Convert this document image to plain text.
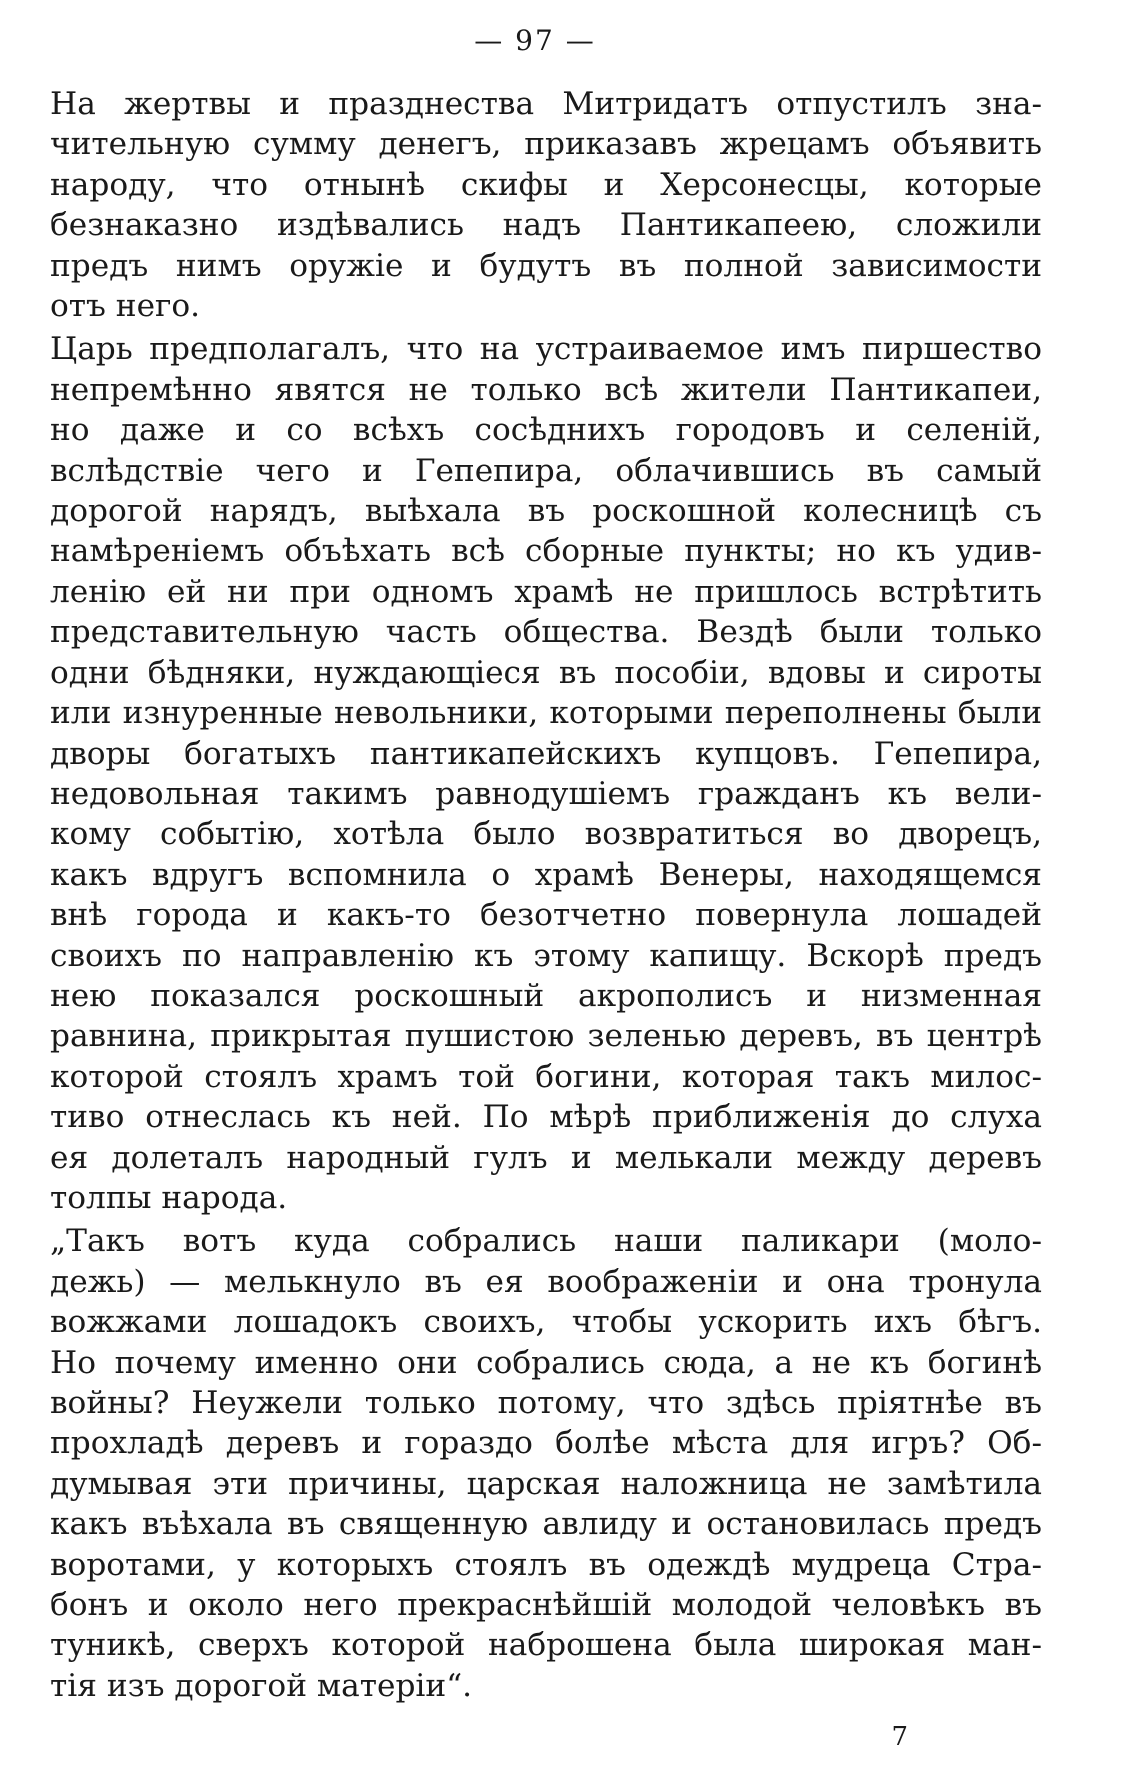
— 97 —
На жертвы и празднества Митридатъ отпустилъ зна-
чительную сумму денегъ, приказавъ жрецамъ объявить
народу, что отнынѣ скифы и Херсонесцы, которые
безнаказно издѣвались надъ Пантикапеею, сложили
предъ нимъ оружіе и будутъ въ полной зависимости
отъ него.
Царь предполагалъ, что на устраиваемое имъ пиршество
непремѣнно явятся не только всѣ жители Пантикапеи,
но даже и со всѣхъ сосѣднихъ городовъ и селеній,
вслѣдствіе чего и Гепепира, облачившись въ самый
дорогой нарядъ, выѣхала въ роскошной колесницѣ съ
намѣреніемъ объѣхать всѣ сборные пункты; но къ удив-
ленію ей ни при одномъ храмѣ не пришлось встрѣтить
представительную часть общества. Вездѣ были только
одни бѣдняки, нуждающіеся въ пособіи, вдовы и сироты
или изнуренные невольники, которыми переполнены были
дворы богатыхъ пантикапейскихъ купцовъ. Гепепира,
недовольная такимъ равнодушіемъ гражданъ къ вели-
кому событію, хотѣла было возвратиться во дворецъ,
какъ вдругъ вспомнила о храмѣ Венеры, находящемся
внѣ города и какъ-то безотчетно повернула лошадей
своихъ по направленію къ этому капищу. Вскорѣ предъ
нею показался роскошный акрополисъ и низменная
равнина, прикрытая пушистою зеленью деревъ, въ центрѣ
которой стоялъ храмъ той богини, которая такъ милос-
тиво отнеслась къ ней. По мѣрѣ приближенія до слуха
ея долеталъ народный гулъ и мелькали между деревъ
толпы народа.
„Такъ вотъ куда собрались наши паликари (моло-
дежь) — мелькнуло въ ея воображеніи и она тронула
вожжами лошадокъ своихъ, чтобы ускорить ихъ бѣгъ.
Но почему именно они собрались сюда, а не къ богинѣ
войны? Неужели только потому, что здѣсь пріятнѣе въ
прохладѣ деревъ и гораздо болѣе мѣста для игръ? Об-
думывая эти причины, царская наложница не замѣтила
какъ въѣхала въ священную авлиду и остановилась предъ
воротами, у которыхъ стоялъ въ одеждѣ мудреца Стра-
бонъ и около него прекраснѣйшій молодой человѣкъ въ
туникѣ, сверхъ которой наброшена была широкая ман-
тія изъ дорогой матеріи“.
7
